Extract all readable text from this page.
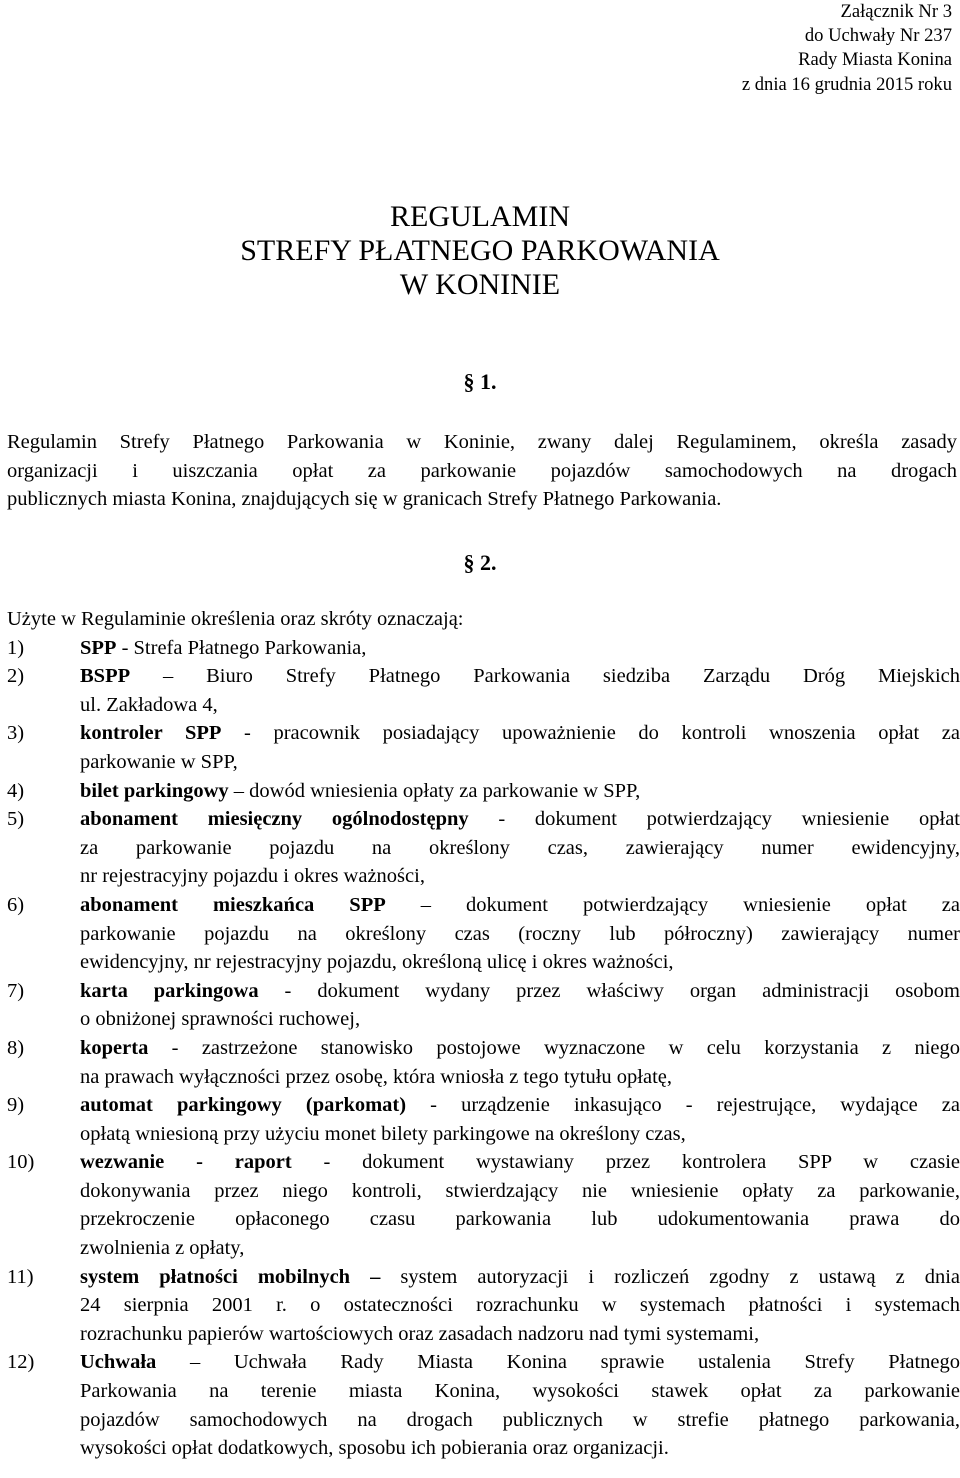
Załącznik Nr 3
do Uchwały Nr 237
Rady Miasta Konina
z dnia 16 grudnia 2015 roku
REGULAMIN
STREFY PŁATNEGO PARKOWANIA
W KONINIE
§ 1.
Regulamin Strefy Płatnego Parkowania w Koninie, zwany dalej Regulaminem, określa zasady
organizacji i uiszczania opłat za parkowanie pojazdów samochodowych na drogach
publicznych miasta Konina, znajdujących się w granicach Strefy Płatnego Parkowania.
§ 2.
Użyte w Regulaminie określenia oraz skróty oznaczają:
1)	SPP - Strefa Płatnego Parkowania,
2)	BSPP – Biuro Strefy Płatnego Parkowania siedziba Zarządu Dróg Miejskich
ul. Zakładowa 4,
3)	kontroler SPP - pracownik posiadający upoważnienie do kontroli wnoszenia opłat za
parkowanie w SPP,
4)	bilet parkingowy – dowód wniesienia opłaty za parkowanie w SPP,
5)	abonament miesięczny ogólnodostępny - dokument potwierdzający wniesienie opłat
za parkowanie pojazdu na określony czas, zawierający numer ewidencyjny,
nr rejestracyjny pojazdu i okres ważności,
6)	abonament mieszkańca SPP – dokument potwierdzający wniesienie opłat za
parkowanie pojazdu na określony czas (roczny lub półroczny) zawierający numer
ewidencyjny, nr rejestracyjny pojazdu, określoną ulicę i okres ważności,
7)	karta parkingowa - dokument wydany przez właściwy organ administracji osobom
o obniżonej sprawności ruchowej,
8)	koperta - zastrzeżone stanowisko postojowe wyznaczone w celu korzystania z niego
na prawach wyłączności przez osobę, która wniosła z tego tytułu opłatę,
9)	automat parkingowy (parkomat) - urządzenie inkasująco - rejestrujące, wydające za
opłatą wniesioną przy użyciu monet bilety parkingowe na określony czas,
10)	wezwanie - raport - dokument wystawiany przez kontrolera SPP w czasie
dokonywania przez niego kontroli, stwierdzający nie wniesienie opłaty za parkowanie,
przekroczenie opłaconego czasu parkowania lub udokumentowania prawa do
zwolnienia z opłaty,
11)	system płatności mobilnych – system autoryzacji i rozliczeń zgodny z ustawą z dnia
24 sierpnia 2001 r. o ostateczności rozrachunku w systemach płatności i systemach
rozrachunku papierów wartościowych oraz zasadach nadzoru nad tymi systemami,
12)	Uchwała – Uchwała Rady Miasta Konina sprawie ustalenia Strefy Płatnego
Parkowania na terenie miasta Konina, wysokości stawek opłat za parkowanie
pojazdów samochodowych na drogach publicznych w strefie płatnego parkowania,
wysokości opłat dodatkowych, sposobu ich pobierania oraz organizacji.
